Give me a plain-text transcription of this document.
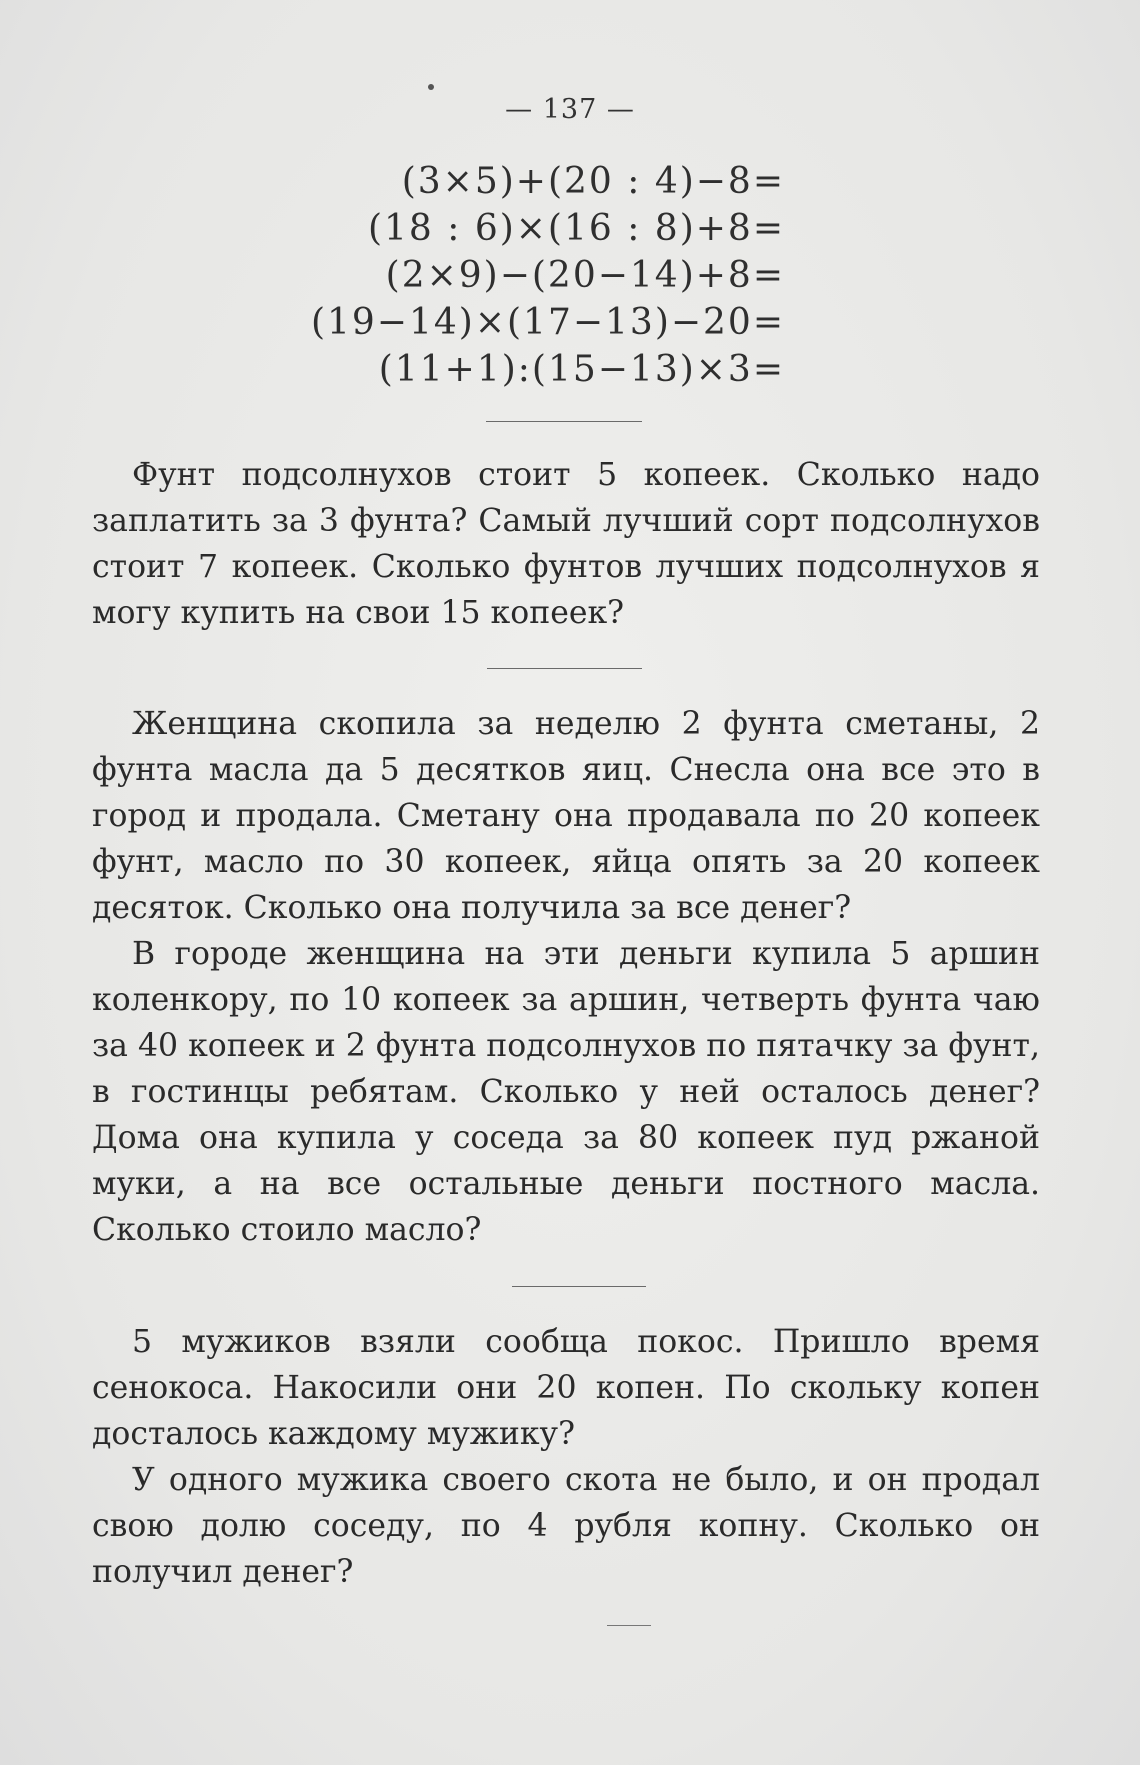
— 137 —
(3×5)+(20 : 4)−8=
(18 : 6)×(16 : 8)+8=
(2×9)−(20−14)+8=
(19−14)×(17−13)−20=
(11+1):(15−13)×3=

Фунт подсолнухов стоит 5 копеек. Сколько надо заплатить за 3 фунта? Самый лучший сорт подсолнухов стоит 7 копеек. Сколько фунтов лучших подсолнухов я могу купить на свои 15 копеек?

Женщина скопила за неделю 2 фунта сметаны, 2 фунта масла да 5 десятков яиц. Снесла она все это в город и продала. Сметану она продавала по 20 копеек фунт, масло по 30 копеек, яйца опять за 20 копеек десяток. Сколько она получила за все денег?

В городе женщина на эти деньги купила 5 аршин коленкору, по 10 копеек за аршин, четверть фунта чаю за 40 копеек и 2 фунта подсолнухов по пятачку за фунт, в гостинцы ребятам. Сколько у ней осталось денег? Дома она купила у соседа за 80 копеек пуд ржаной муки, а на все остальные деньги постного масла. Сколько стоило масло?

5 мужиков взяли сообща покос. Пришло время сенокоса. Накосили они 20 копен. По скольку копен досталось каждому мужику?

У одного мужика своего скота не было, и он продал свою долю соседу, по 4 рубля копну. Сколько он получил денег?
